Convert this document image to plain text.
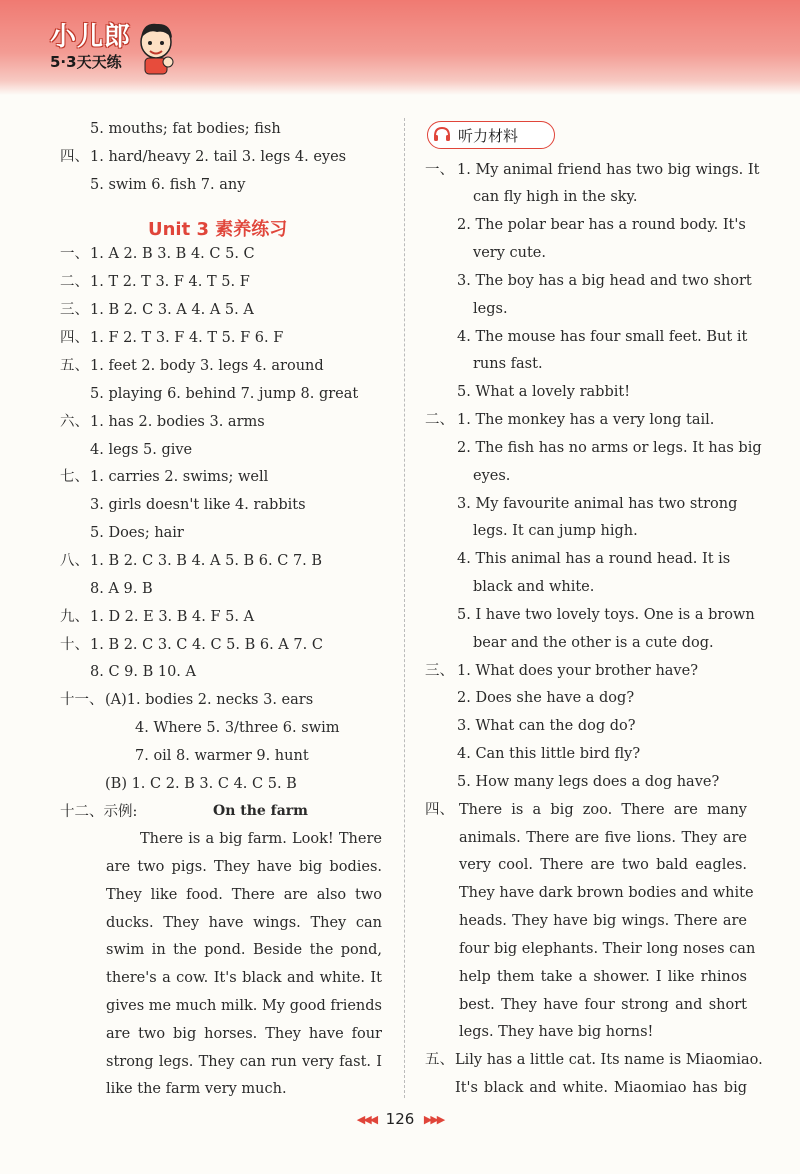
小儿郎
5·3天天练
5. mouths; fat bodies; fish
四、 1. hard/heavy 2. tail 3. legs 4. eyes
5. swim 6. fish 7. any
Unit 3 素养练习
一、 1. A 2. B 3. B 4. C 5. C
二、 1. T 2. T 3. F 4. T 5. F
三、 1. B 2. C 3. A 4. A 5. A
四、 1. F 2. T 3. F 4. T 5. F 6. F
五、 1. feet 2. body 3. legs 4. around
5. playing 6. behind 7. jump 8. great
六、 1. has 2. bodies 3. arms
4. legs 5. give
七、 1. carries 2. swims; well
3. girls doesn't like 4. rabbits
5. Does; hair
八、 1. B 2. C 3. B 4. A 5. B 6. C 7. B
8. A 9. B
九、 1. D 2. E 3. B 4. F 5. A
十、 1. B 2. C 3. C 4. C 5. B 6. A 7. C
8. C 9. B 10. A
十一、 (A)1. bodies 2. necks 3. ears
4. Where 5. 3/three 6. swim
7. oil 8. warmer 9. hunt
(B) 1. C 2. B 3. C 4. C 5. B
十二、示例:	On the farm
There is a big farm. Look! There
are two pigs. They have big bodies.
They like food. There are also two
ducks. They have wings. They can
swim in the pond. Beside the pond,
there's a cow. It's black and white. It
gives me much milk. My good friends
are two big horses. They have four
strong legs. They can run very fast. I
like the farm very much.
听力材料
一、 1. My animal friend has two big wings. It
can fly high in the sky.
2. The polar bear has a round body. It's
very cute.
3. The boy has a big head and two short
legs.
4. The mouse has four small feet. But it
runs fast.
5. What a lovely rabbit!
二、 1. The monkey has a very long tail.
2. The fish has no arms or legs. It has big
eyes.
3. My favourite animal has two strong
legs. It can jump high.
4. This animal has a round head. It is
black and white.
5. I have two lovely toys. One is a brown
bear and the other is a cute dog.
三、 1. What does your brother have?
2. Does she have a dog?
3. What can the dog do?
4. Can this little bird fly?
5. How many legs does a dog have?
四、 There is a big zoo. There are many
animals. There are five lions. They are
very cool. There are two bald eagles.
They have dark brown bodies and white
heads. They have big wings. There are
four big elephants. Their long noses can
help them take a shower. I like rhinos
best. They have four strong and short
legs. They have big horns!
五、 Lily has a little cat. Its name is Miaomiao.
It's black and white. Miaomiao has big
◀◀◀ 126 ▶▶▶
